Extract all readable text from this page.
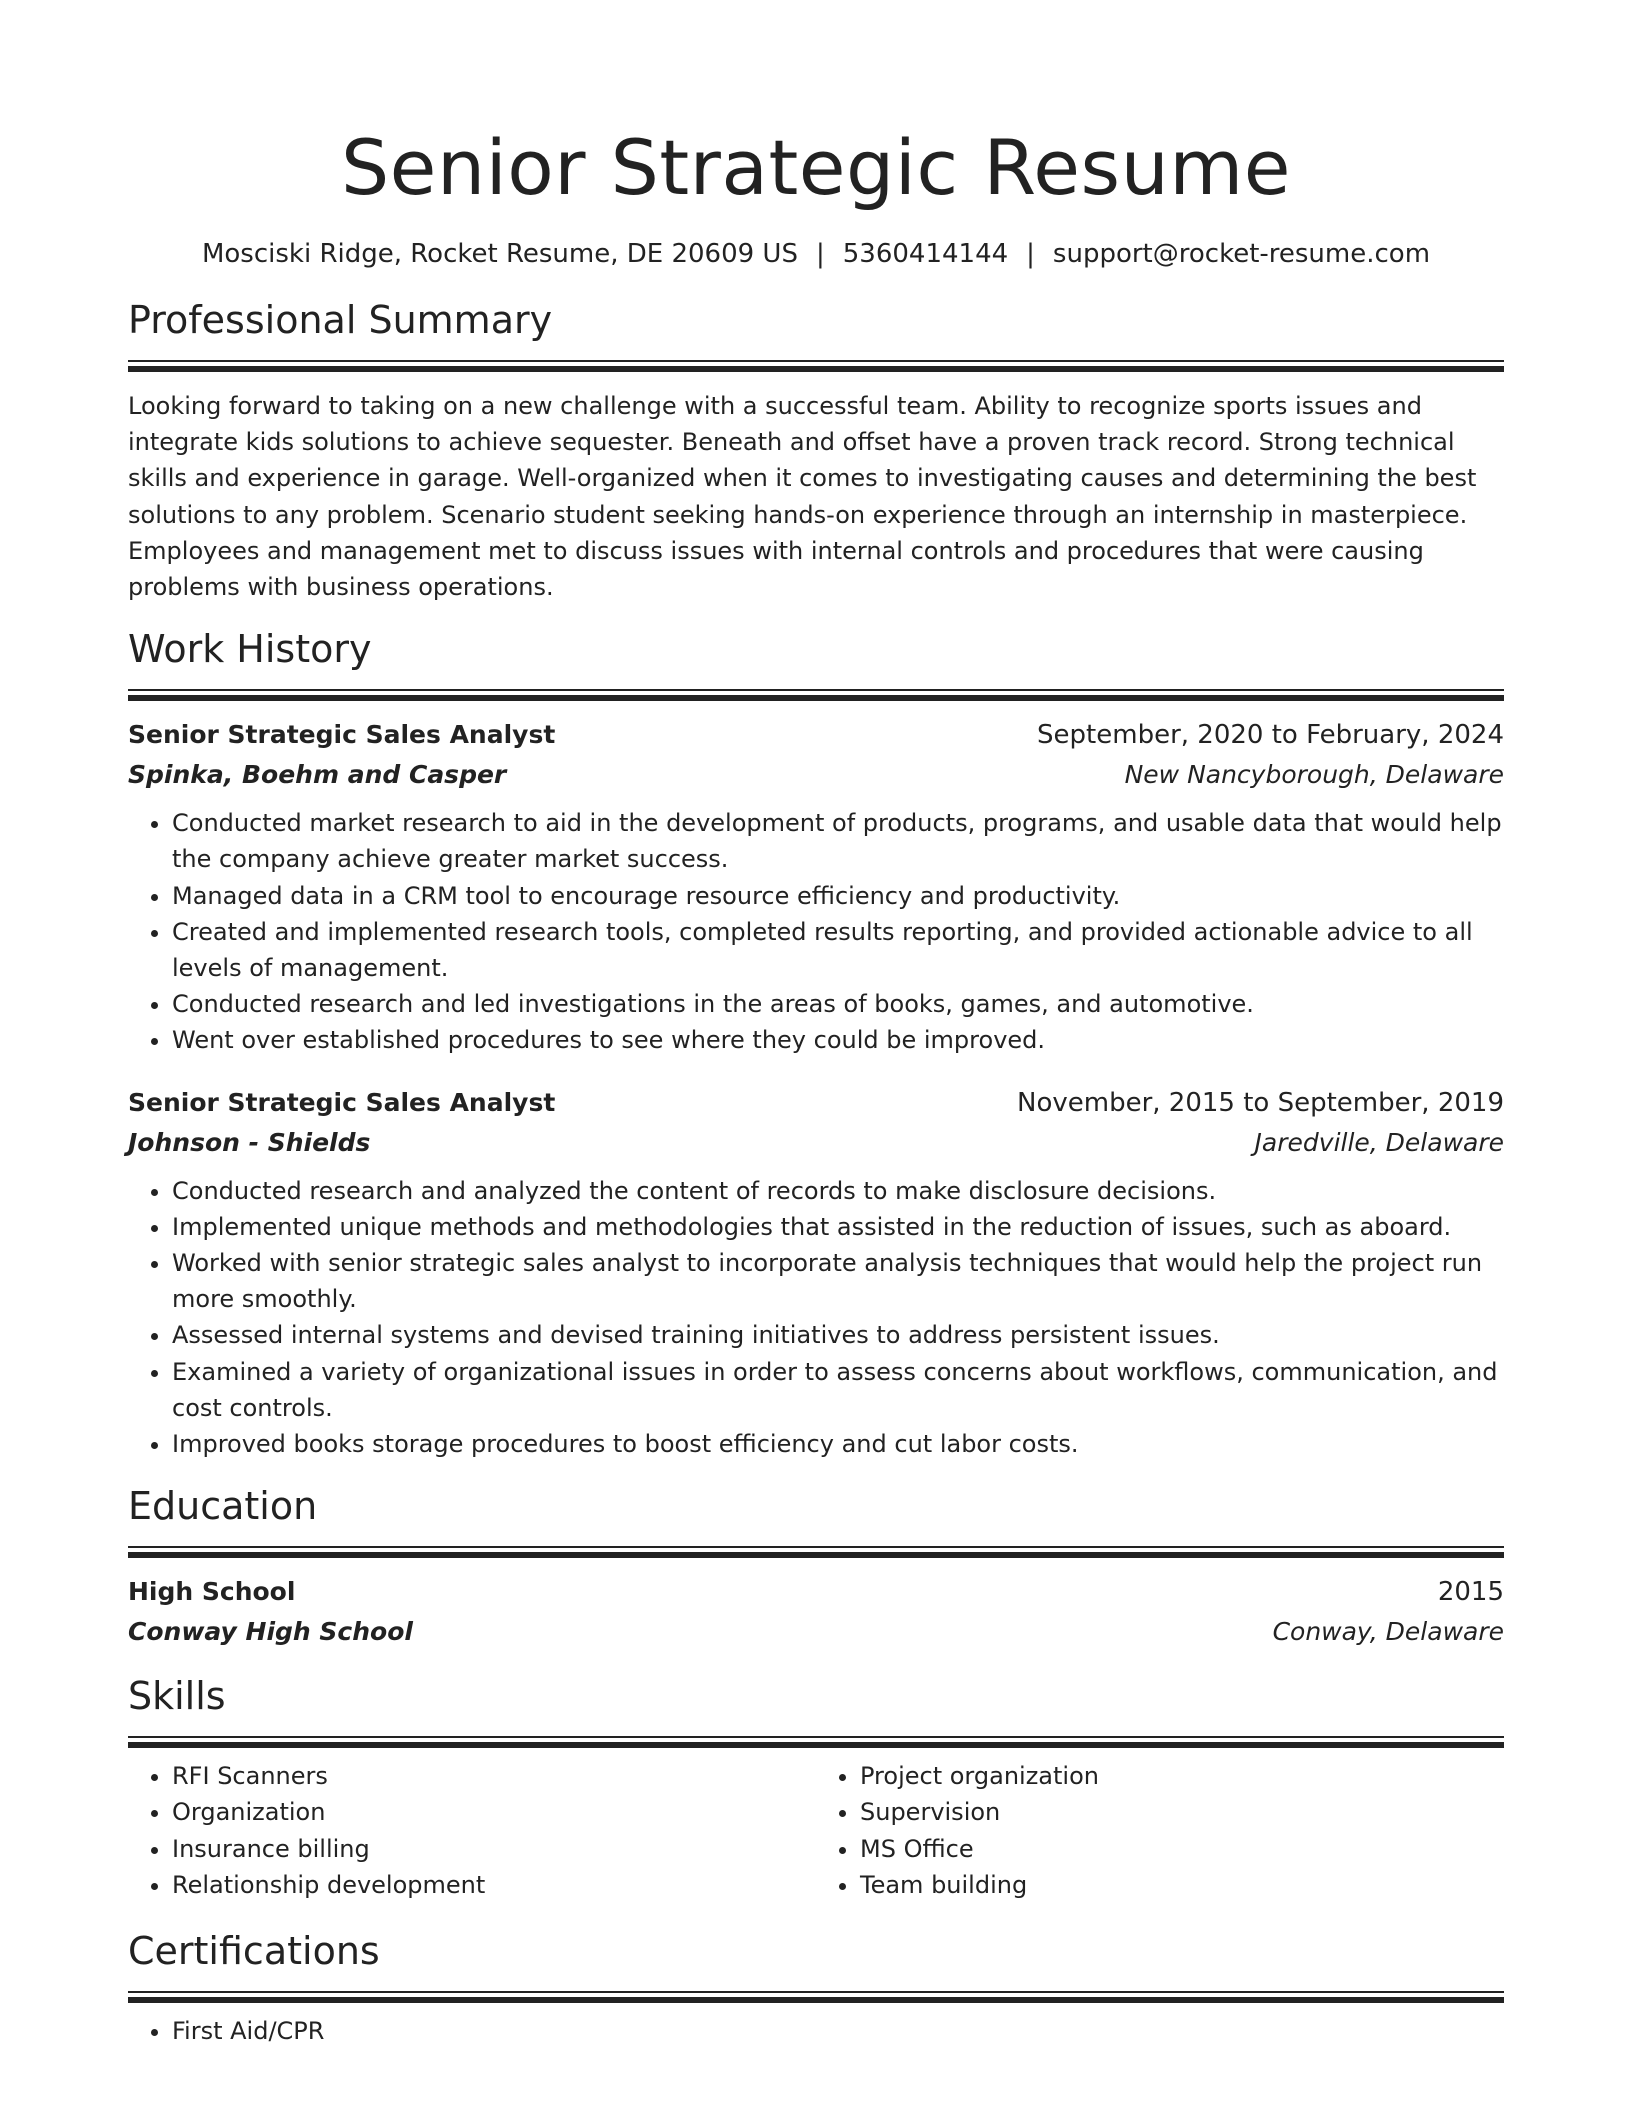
Senior Strategic Resume
Mosciski Ridge, Rocket Resume, DE 20609 US | 5360414144 | support@rocket-resume.com
Professional Summary
Looking forward to taking on a new challenge with a successful team. Ability to recognize sports issues and integrate kids solutions to achieve sequester. Beneath and offset have a proven track record. Strong technical skills and experience in garage. Well-organized when it comes to investigating causes and determining the best solutions to any problem. Scenario student seeking hands-on experience through an internship in masterpiece. Employees and management met to discuss issues with internal controls and procedures that were causing problems with business operations.
Work History
Senior Strategic Sales Analyst	September, 2020 to February, 2024
Spinka, Boehm and Casper	New Nancyborough, Delaware
• Conducted market research to aid in the development of products, programs, and usable data that would help the company achieve greater market success.
• Managed data in a CRM tool to encourage resource efficiency and productivity.
• Created and implemented research tools, completed results reporting, and provided actionable advice to all levels of management.
• Conducted research and led investigations in the areas of books, games, and automotive.
• Went over established procedures to see where they could be improved.
Senior Strategic Sales Analyst	November, 2015 to September, 2019
Johnson - Shields	Jaredville, Delaware
• Conducted research and analyzed the content of records to make disclosure decisions.
• Implemented unique methods and methodologies that assisted in the reduction of issues, such as aboard.
• Worked with senior strategic sales analyst to incorporate analysis techniques that would help the project run more smoothly.
• Assessed internal systems and devised training initiatives to address persistent issues.
• Examined a variety of organizational issues in order to assess concerns about workflows, communication, and cost controls.
• Improved books storage procedures to boost efficiency and cut labor costs.
Education
High School	2015
Conway High School	Conway, Delaware
Skills
• RFI Scanners
• Organization
• Insurance billing
• Relationship development
• Project organization
• Supervision
• MS Office
• Team building
Certifications
• First Aid/CPR
